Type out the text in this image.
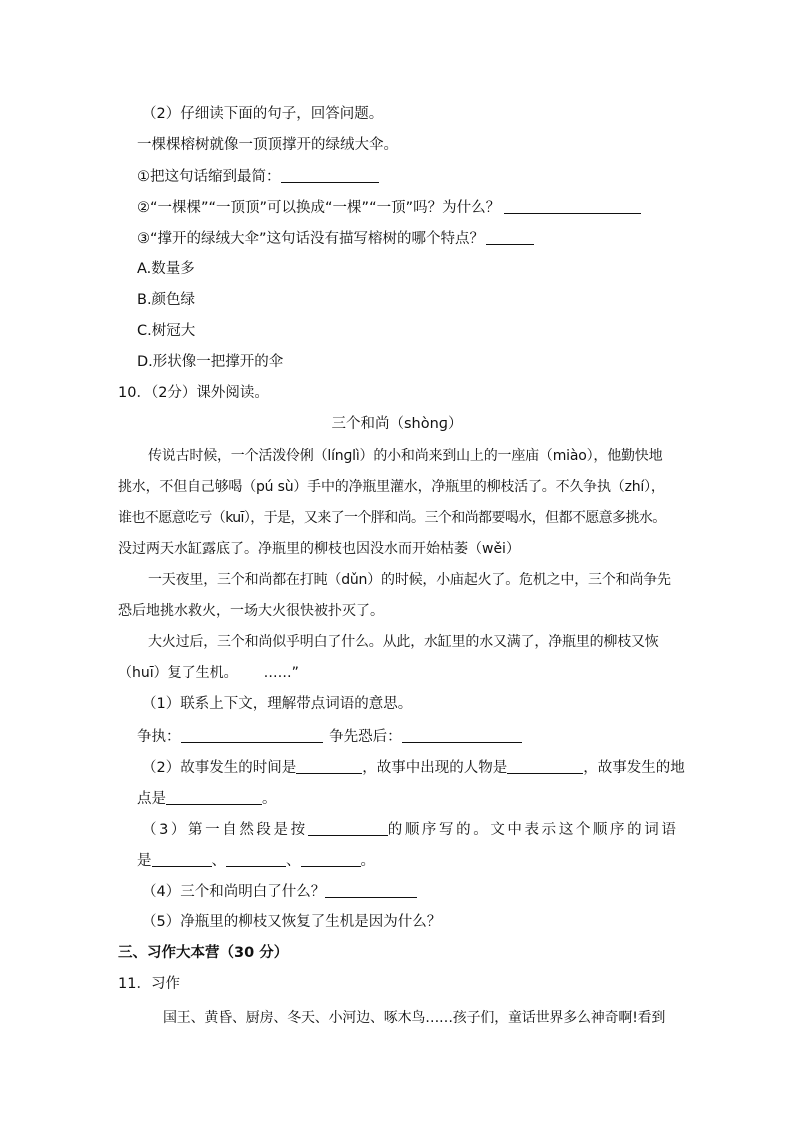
（2）仔细读下面的句子，回答问题。
一棵棵榕树就像一顶顶撑开的绿绒大伞。
①把这句话缩到最简：
②“一棵棵”“一顶顶”可以换成“一棵”“一顶”吗？为什么？
③“撑开的绿绒大伞”这句话没有描写榕树的哪个特点？
A.数量多
B.颜色绿
C.树冠大
D.形状像一把撑开的伞
10．（2分）课外阅读。
三个和尚（shònɡ）
传说古时候，一个活泼伶俐（línɡlì）的小和尚来到山上的一座庙（miào），他勤快地
挑水，不但自己够喝（pú sù）手中的净瓶里灌水，净瓶里的柳枝活了。不久争执（zhí），
谁也不愿意吃亏（kuī），于是，又来了一个胖和尚。三个和尚都要喝水，但都不愿意多挑水。
没过两天水缸露底了。净瓶里的柳枝也因没水而开始枯萎（wěi）
一天夜里，三个和尚都在打盹（dǔn）的时候，小庙起火了。危机之中，三个和尚争先
恐后地挑水救火，一场大火很快被扑灭了。
大火过后，三个和尚似乎明白了什么。从此，水缸里的水又满了，净瓶里的柳枝又恢
（huī）复了生机。 ……”
（1）联系上下文，理解带点词语的意思。
争执：	争先恐后：
（2）故事发生的时间是	，故事中出现的人物是	，故事发生的地
点是	。
（3）第一自然段是按	的顺序写的。文中表示这个顺序的词语
是	、	、	。
（4）三个和尚明白了什么？
（5）净瓶里的柳枝又恢复了生机是因为什么？
三、习作大本营（30 分）
11．习作
国王、黄昏、厨房、冬天、小河边、啄木鸟……孩子们，童话世界多么神奇啊!看到
